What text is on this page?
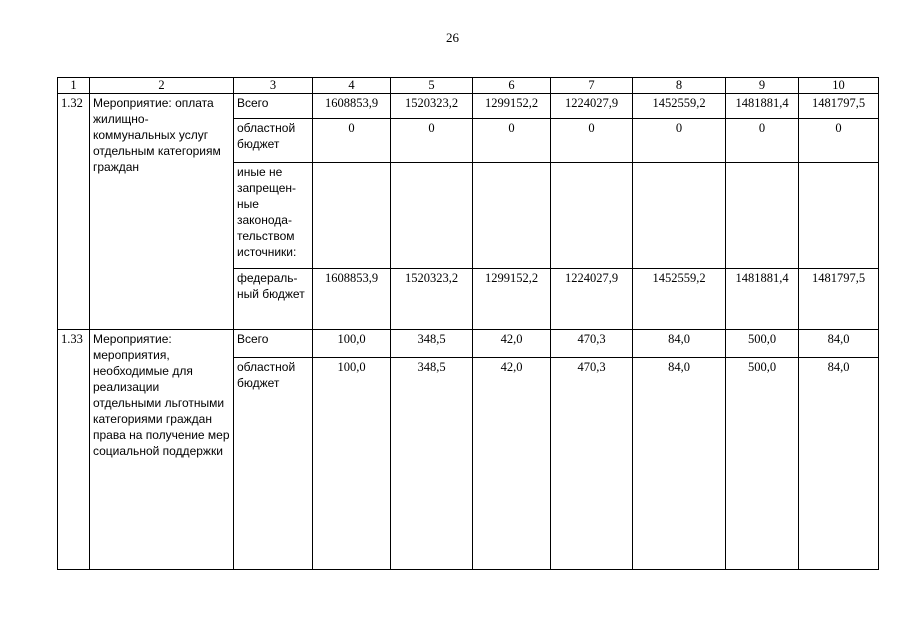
26
1	2	3	4	5	6	7	8	9	10
1.32	Мероприятие: оплата жилищно-коммунальных услуг отдельным категориям граждан	Всего	1608853,9	1520323,2	1299152,2	1224027,9	1452559,2	1481881,4	1481797,5
		областной бюджет	0	0	0	0	0	0	0
		иные не запрещен-ные законода-тельством источники:							
		федераль-ный бюджет	1608853,9	1520323,2	1299152,2	1224027,9	1452559,2	1481881,4	1481797,5
1.33	Мероприятие: мероприятия, необходимые для реализации отдельными льготными категориями граждан права на получение мер социальной поддержки	Всего	100,0	348,5	42,0	470,3	84,0	500,0	84,0
		областной бюджет	100,0	348,5	42,0	470,3	84,0	500,0	84,0
